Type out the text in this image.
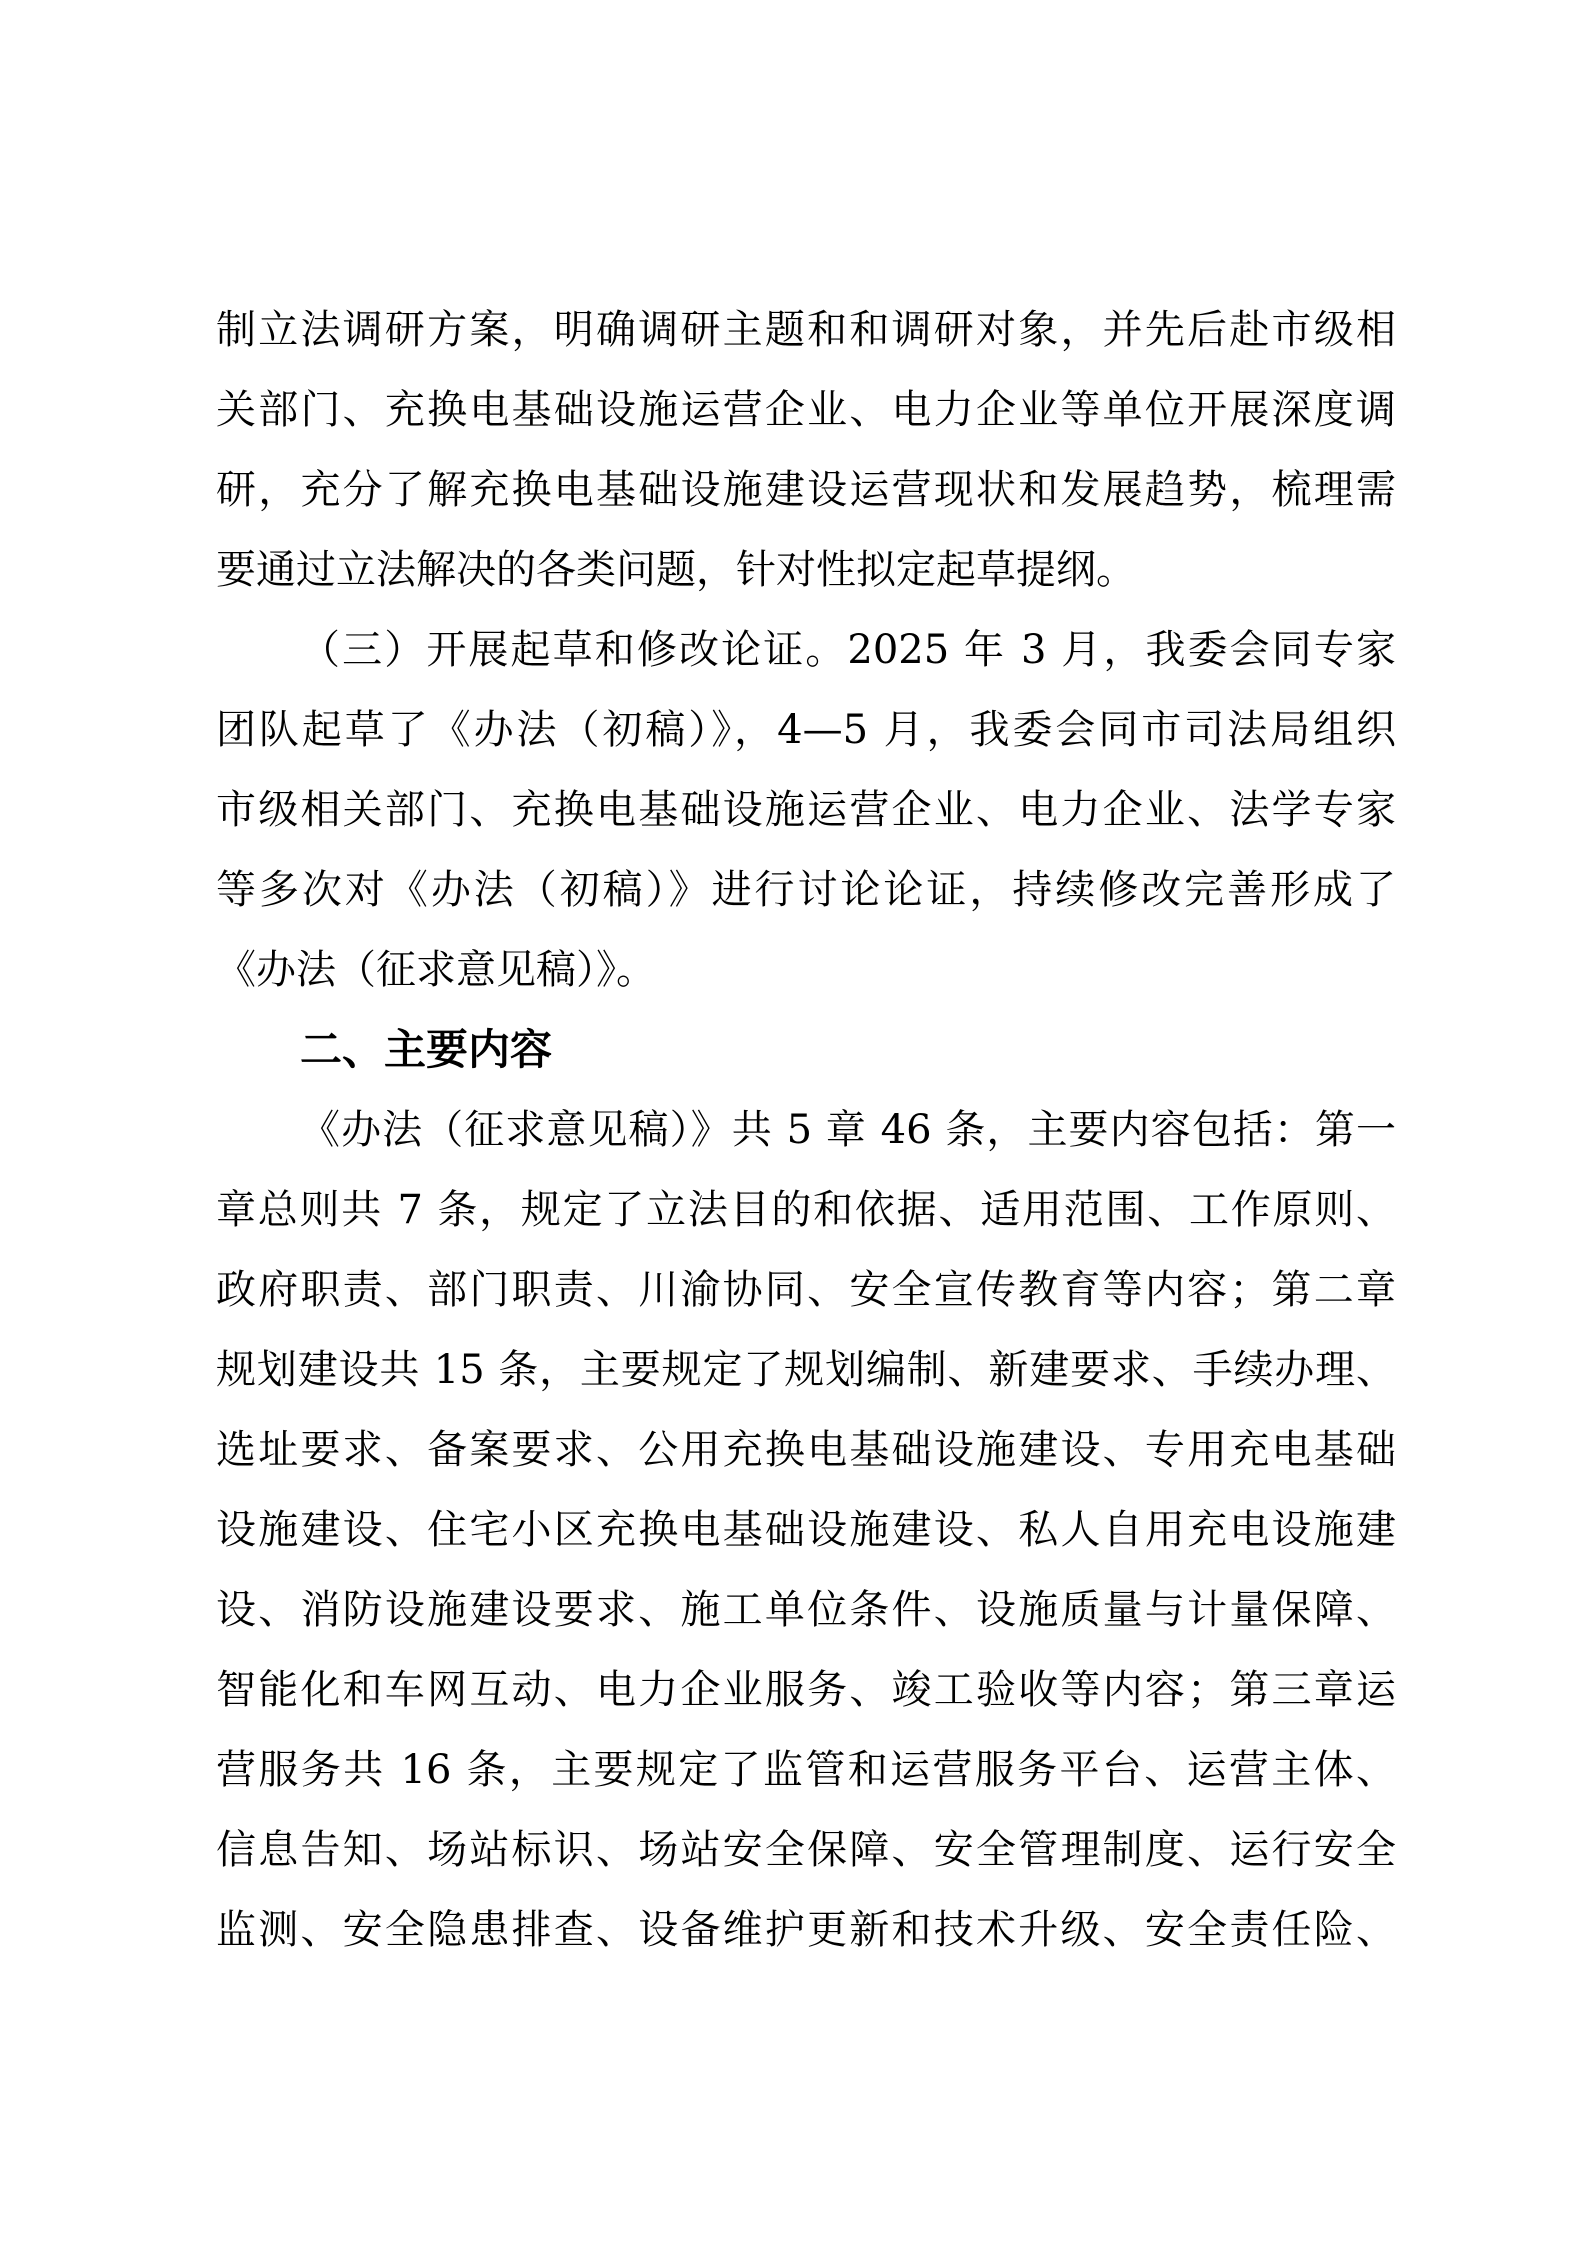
制立法调研方案，明确调研主题和和调研对象，并先后赴市级相
关部门、充换电基础设施运营企业、电力企业等单位开展深度调
研，充分了解充换电基础设施建设运营现状和发展趋势，梳理需
要通过立法解决的各类问题，针对性拟定起草提纲。
（三）开展起草和修改论证。2025 年 3 月，我委会同专家
团队起草了《办法（初稿）》，4—5 月，我委会同市司法局组织
市级相关部门、充换电基础设施运营企业、电力企业、法学专家
等多次对《办法（初稿）》进行讨论论证，持续修改完善形成了
《办法（征求意见稿）》。
二、主要内容
《办法（征求意见稿）》共 5 章 46 条，主要内容包括：第一
章总则共 7 条，规定了立法目的和依据、适用范围、工作原则、
政府职责、部门职责、川渝协同、安全宣传教育等内容；第二章
规划建设共 15 条，主要规定了规划编制、新建要求、手续办理、
选址要求、备案要求、公用充换电基础设施建设、专用充电基础
设施建设、住宅小区充换电基础设施建设、私人自用充电设施建
设、消防设施建设要求、施工单位条件、设施质量与计量保障、
智能化和车网互动、电力企业服务、竣工验收等内容；第三章运
营服务共 16 条，主要规定了监管和运营服务平台、运营主体、
信息告知、场站标识、场站安全保障、安全管理制度、运行安全
监测、安全隐患排查、设备维护更新和技术升级、安全责任险、
